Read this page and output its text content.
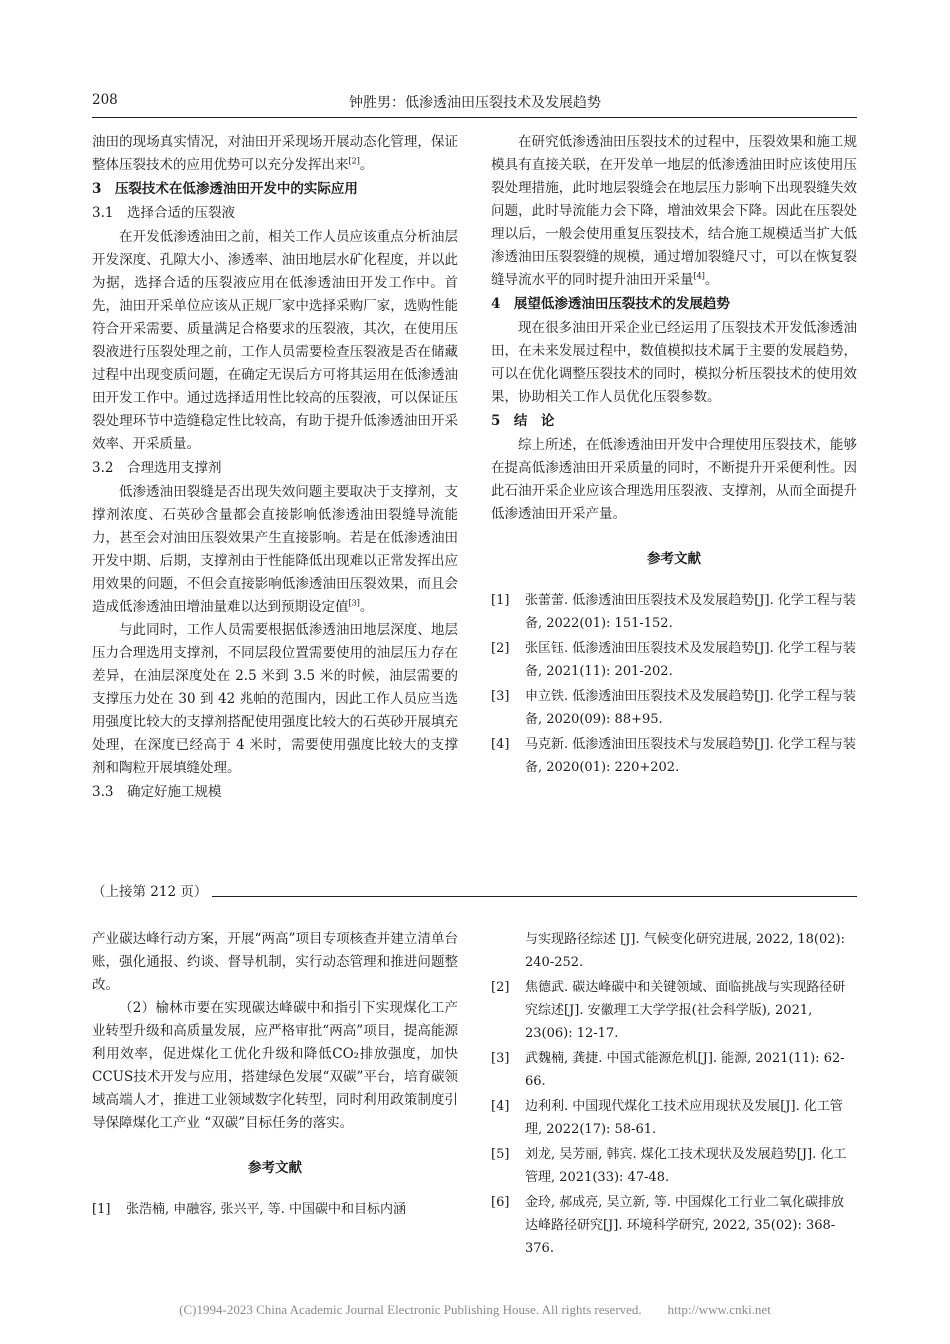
208	钟胜男：低渗透油田压裂技术及发展趋势

油田的现场真实情况，对油田开采现场开展动态化管理，保证整体压裂技术的应用优势可以充分发挥出来[2]。

3　压裂技术在低渗透油田开发中的实际应用

3.1　选择合适的压裂液

在开发低渗透油田之前，相关工作人员应该重点分析油层开发深度、孔隙大小、渗透率、油田地层水矿化程度，并以此为据，选择合适的压裂液应用在低渗透油田开发工作中。首先，油田开采单位应该从正规厂家中选择采购厂家，选购性能符合开采需要、质量满足合格要求的压裂液，其次，在使用压裂液进行压裂处理之前，工作人员需要检查压裂液是否在储藏过程中出现变质问题，在确定无误后方可将其运用在低渗透油田开发工作中。通过选择适用性比较高的压裂液，可以保证压裂处理环节中造缝稳定性比较高，有助于提升低渗透油田开采效率、开采质量。

3.2　合理选用支撑剂

低渗透油田裂缝是否出现失效问题主要取决于支撑剂，支撑剂浓度、石英砂含量都会直接影响低渗透油田裂缝导流能力，甚至会对油田压裂效果产生直接影响。若是在低渗透油田开发中期、后期，支撑剂由于性能降低出现难以正常发挥出应用效果的问题，不但会直接影响低渗透油田压裂效果，而且会造成低渗透油田增油量难以达到预期设定值[3]。

与此同时，工作人员需要根据低渗透油田地层深度、地层压力合理选用支撑剂，不同层段位置需要使用的油层压力存在差异，在油层深度处在 2.5 米到 3.5 米的时候，油层需要的支撑压力处在 30 到 42 兆帕的范围内，因此工作人员应当选用强度比较大的支撑剂搭配使用强度比较大的石英砂开展填充处理，在深度已经高于 4 米时，需要使用强度比较大的支撑剂和陶粒开展填缝处理。

3.3　确定好施工规模

在研究低渗透油田压裂技术的过程中，压裂效果和施工规模具有直接关联，在开发单一地层的低渗透油田时应该使用压裂处理措施，此时地层裂缝会在地层压力影响下出现裂缝失效问题，此时导流能力会下降，增油效果会下降。因此在压裂处理以后，一般会使用重复压裂技术，结合施工规模适当扩大低渗透油田压裂裂缝的规模，通过增加裂缝尺寸，可以在恢复裂缝导流水平的同时提升油田开采量[4]。

4　展望低渗透油田压裂技术的发展趋势

现在很多油田开采企业已经运用了压裂技术开发低渗透油田，在未来发展过程中，数值模拟技术属于主要的发展趋势，可以在优化调整压裂技术的同时，模拟分析压裂技术的使用效果，协助相关工作人员优化压裂参数。

5　结　论

综上所述，在低渗透油田开发中合理使用压裂技术，能够在提高低渗透油田开采质量的同时，不断提升开采便利性。因此石油开采企业应该合理选用压裂液、支撑剂，从而全面提升低渗透油田开采产量。

参考文献

[1]	张蕾蕾. 低渗透油田压裂技术及发展趋势[J]. 化学工程与装备, 2022(01): 151-152.
[2]	张匡钰. 低渗透油田压裂技术及发展趋势[J]. 化学工程与装备, 2021(11): 201-202.
[3]	申立铁. 低渗透油田压裂技术及发展趋势[J]. 化学工程与装备, 2020(09): 88+95.
[4]	马克新. 低渗透油田压裂技术与发展趋势[J]. 化学工程与装备, 2020(01): 220+202.
（上接第 212 页）

产业碳达峰行动方案，开展“两高”项目专项核查并建立清单台账，强化通报、约谈、督导机制，实行动态管理和推进问题整改。

（2）榆林市要在实现碳达峰碳中和指引下实现煤化工产业转型升级和高质量发展，应严格审批“两高”项目，提高能源利用效率，促进煤化工优化升级和降低CO₂排放强度，加快CCUS技术开发与应用，搭建绿色发展“双碳”平台，培育碳领域高端人才，推进工业领域数字化转型，同时利用政策制度引导保障煤化工产业 “双碳”目标任务的落实。

参考文献

[1]	张浩楠, 申融容, 张兴平, 等. 中国碳中和目标内涵
与实现路径综述 [J]. 气候变化研究进展, 2022, 18(02): 240-252.
[2]	焦德武. 碳达峰碳中和关键领域、面临挑战与实现路径研究综述[J]. 安徽理工大学学报(社会科学版), 2021, 23(06): 12-17.
[3]	武魏楠, 龚捷. 中国式能源危机[J]. 能源, 2021(11): 62-66.
[4]	边利利. 中国现代煤化工技术应用现状及发展[J]. 化工管理, 2022(17): 58-61.
[5]	刘龙, 吴芳丽, 韩宾. 煤化工技术现状及发展趋势[J]. 化工管理, 2021(33): 47-48.
[6]	金玲, 郝成亮, 吴立新, 等. 中国煤化工行业二氧化碳排放达峰路径研究[J]. 环境科学研究, 2022, 35(02): 368-376.
(C)1994-2023 China Academic Journal Electronic Publishing House. All rights reserved.　　http://www.cnki.net
